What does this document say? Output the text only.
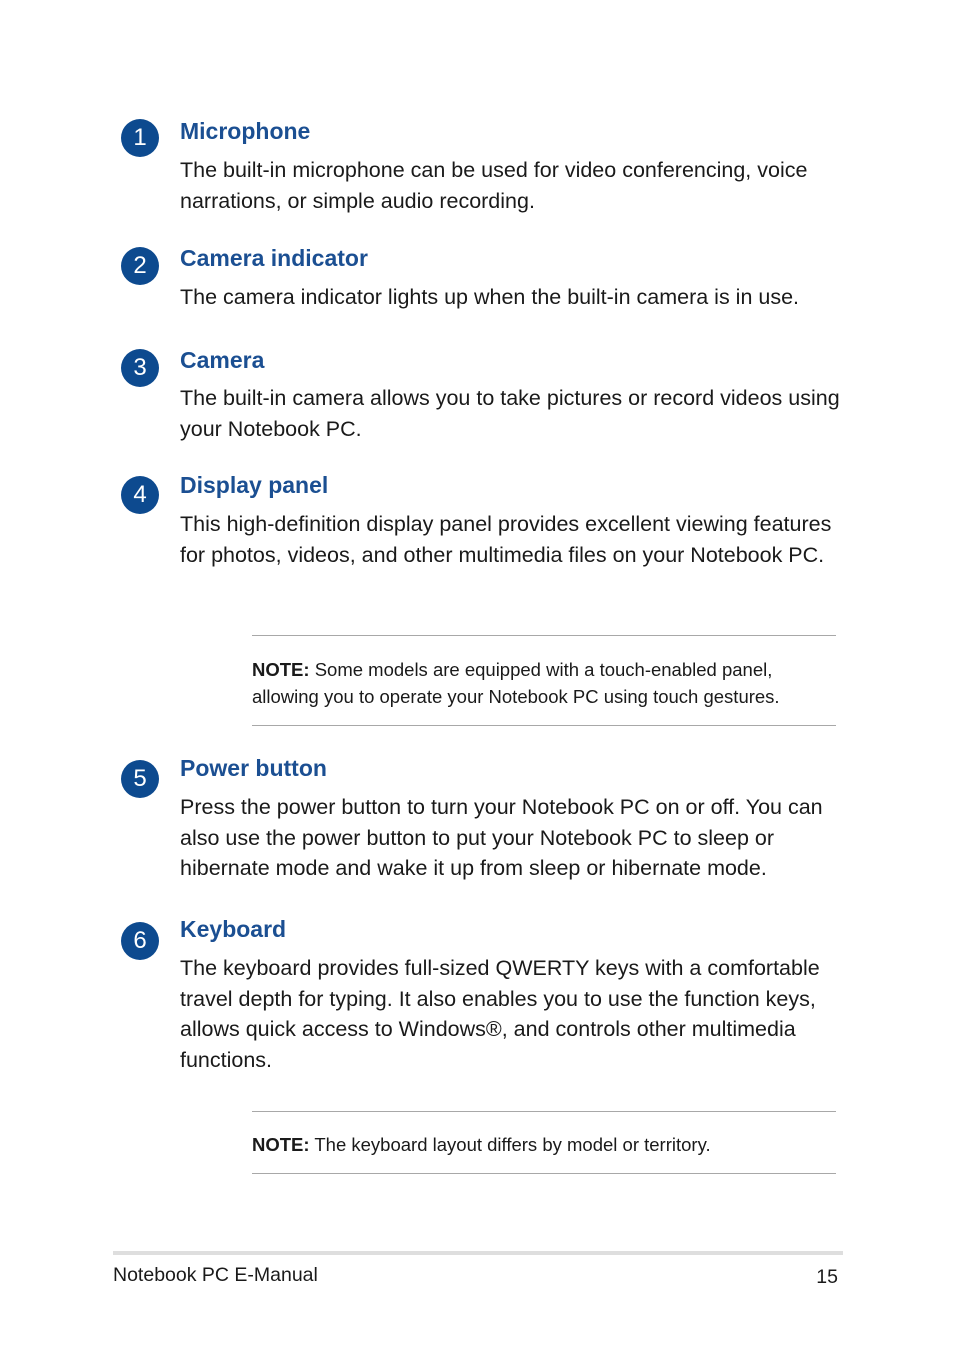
1	Microphone

The built-in microphone can be used for video conferencing, voice narrations, or simple audio recording.

2	Camera indicator

The camera indicator lights up when the built-in camera is in use.

3	Camera

The built-in camera allows you to take pictures or record videos using your Notebook PC.

4	Display panel

This high-definition display panel provides excellent viewing features for photos, videos, and other multimedia files on your Notebook PC.

NOTE: Some models are equipped with a touch-enabled panel, allowing you to operate your Notebook PC using touch gestures.

5	Power button

Press the power button to turn your Notebook PC on or off. You can also use the power button to put your Notebook PC to sleep or hibernate mode and wake it up from sleep or hibernate mode.

6	Keyboard

The keyboard provides full-sized QWERTY keys with a comfortable travel depth for typing. It also enables you to use the function keys, allows quick access to Windows®, and controls other multimedia functions.

NOTE: The keyboard layout differs by model or territory.

Notebook PC E-Manual	15
